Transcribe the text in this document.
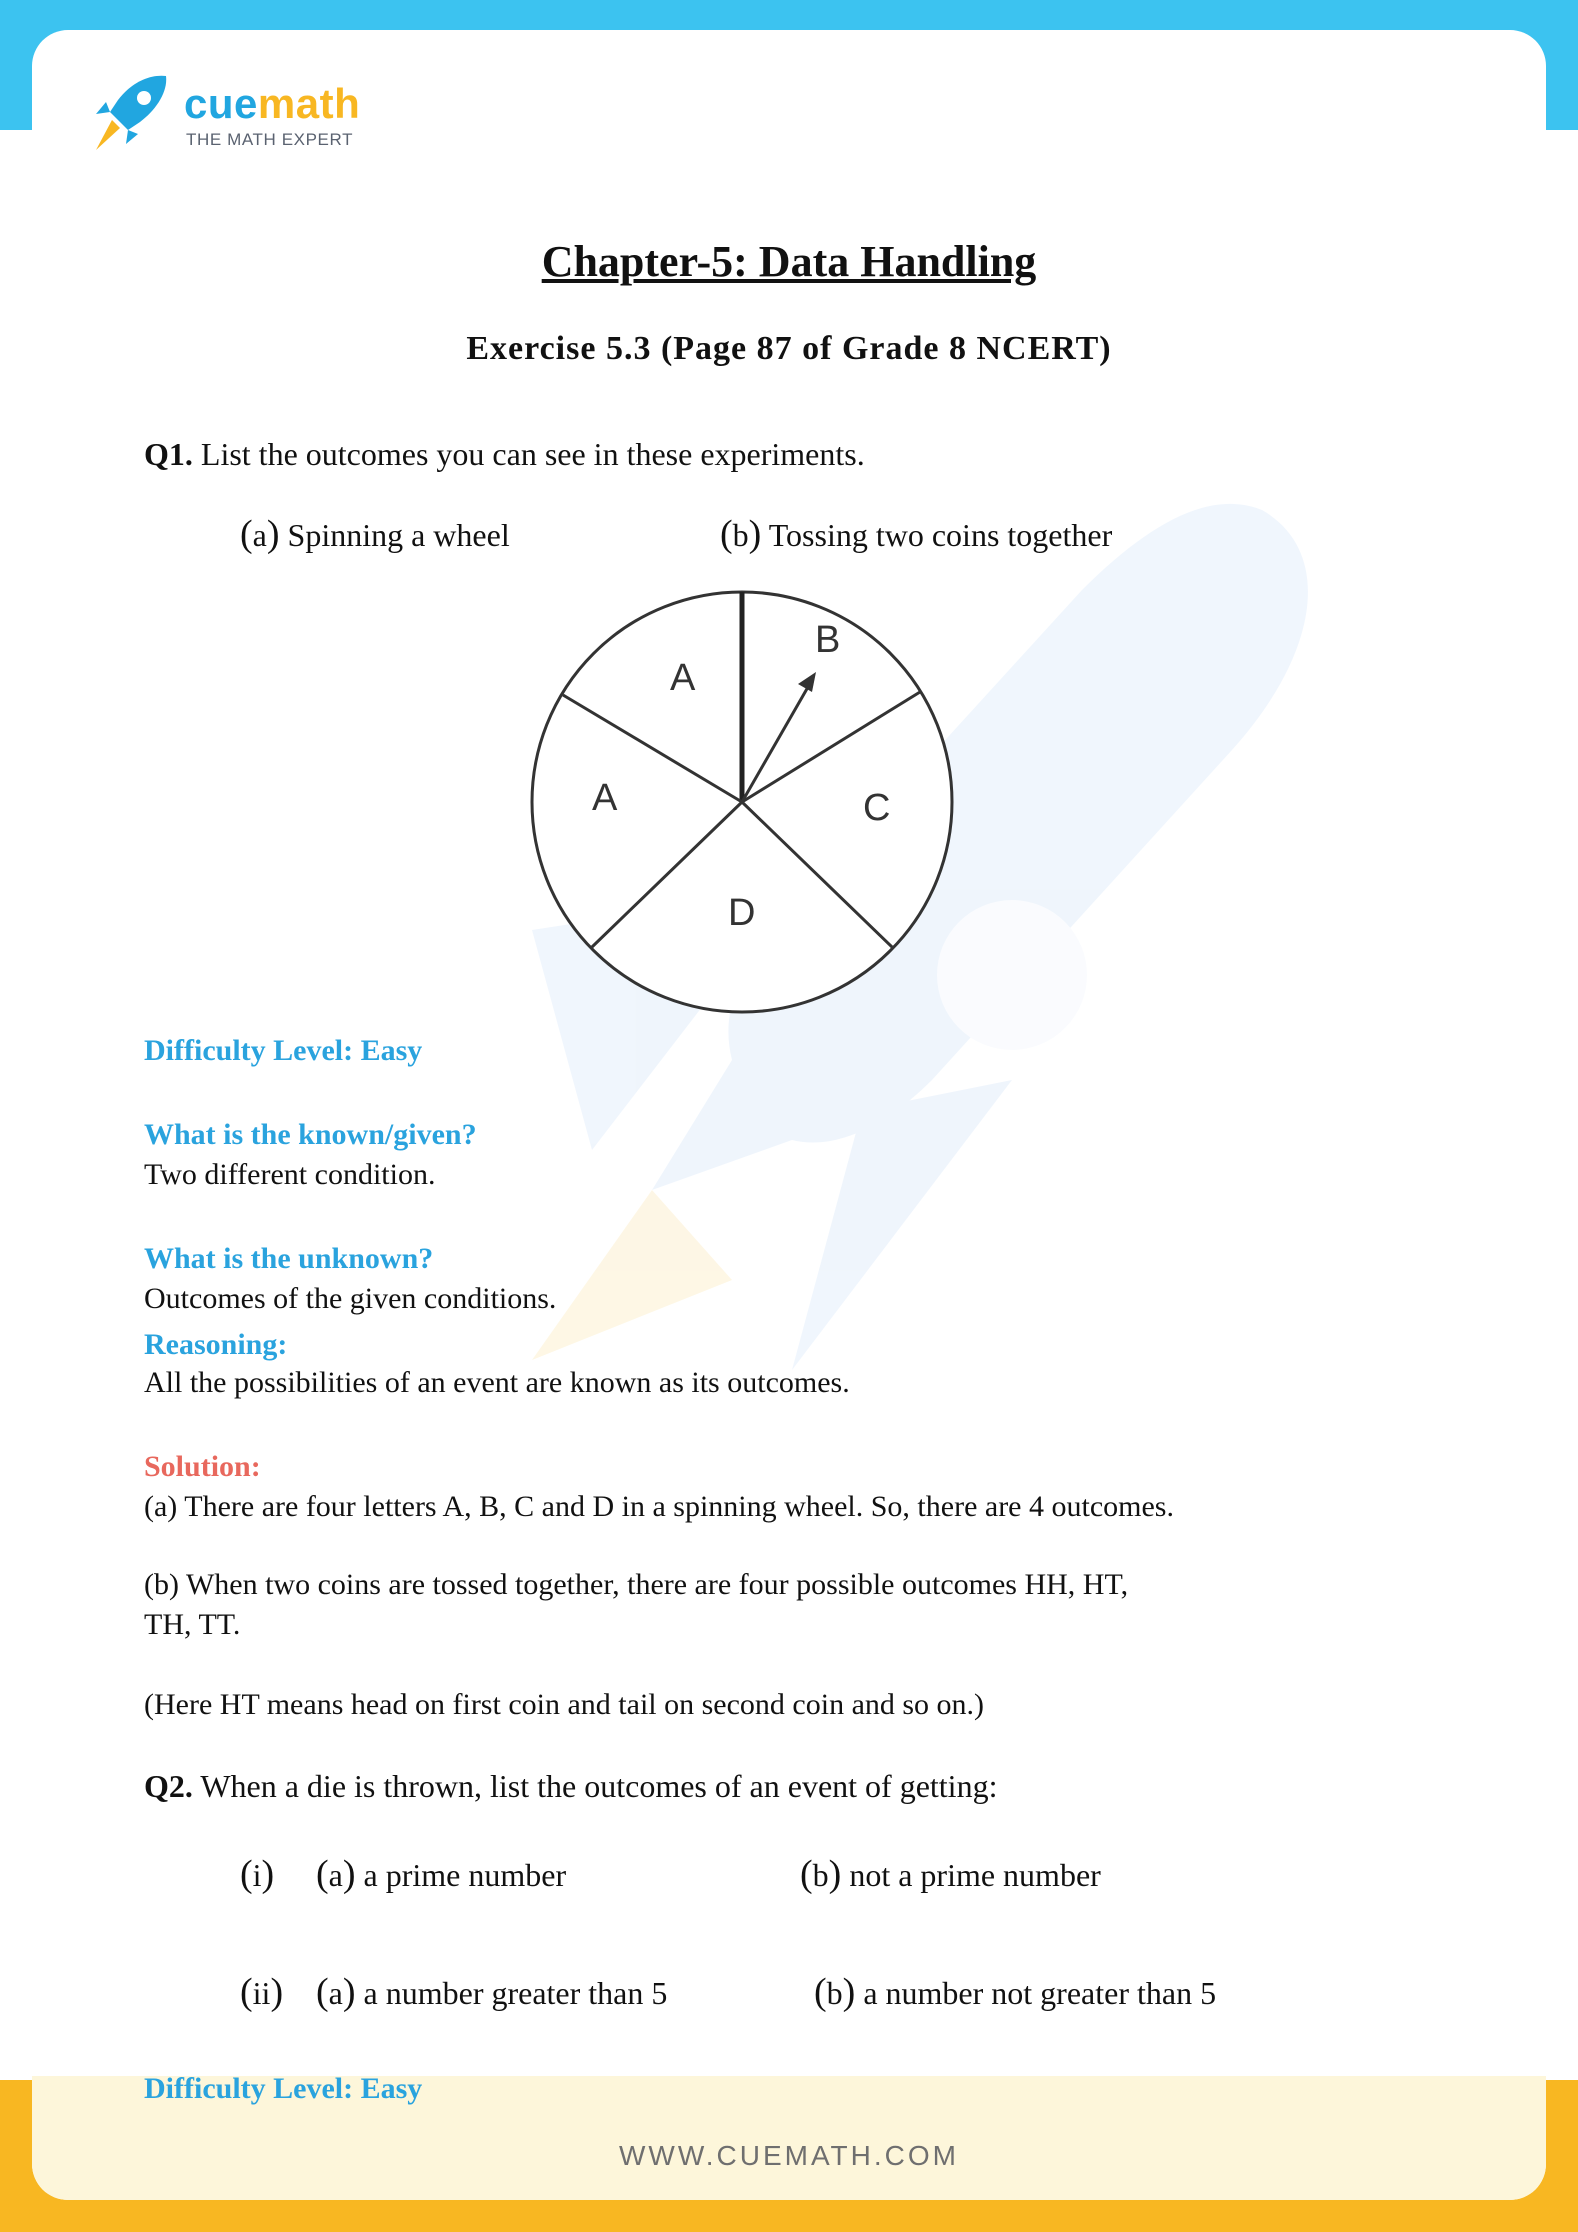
cuemath
THE MATH EXPERT
Chapter-5: Data Handling
Exercise 5.3 (Page 87 of Grade 8 NCERT)
Q1. List the outcomes you can see in these experiments.
(a) Spinning a wheel	(b) Tossing two coins together
A
B
A	C
D
Difficulty Level: Easy
What is the known/given?
Two different condition.
What is the unknown?
Outcomes of the given conditions.
Reasoning:
All the possibilities of an event are known as its outcomes.
Solution:
(a) There are four letters A, B, C and D in a spinning wheel. So, there are 4 outcomes.
(b) When two coins are tossed together, there are four possible outcomes HH, HT,
TH, TT.
(Here HT means head on first coin and tail on second coin and so on.)
Q2. When a die is thrown, list the outcomes of an event of getting:
(i) (a) a prime number	(b) not a prime number
(ii) (a) a number greater than 5	(b) a number not greater than 5
Difficulty Level: Easy
WWW.CUEMATH.COM
